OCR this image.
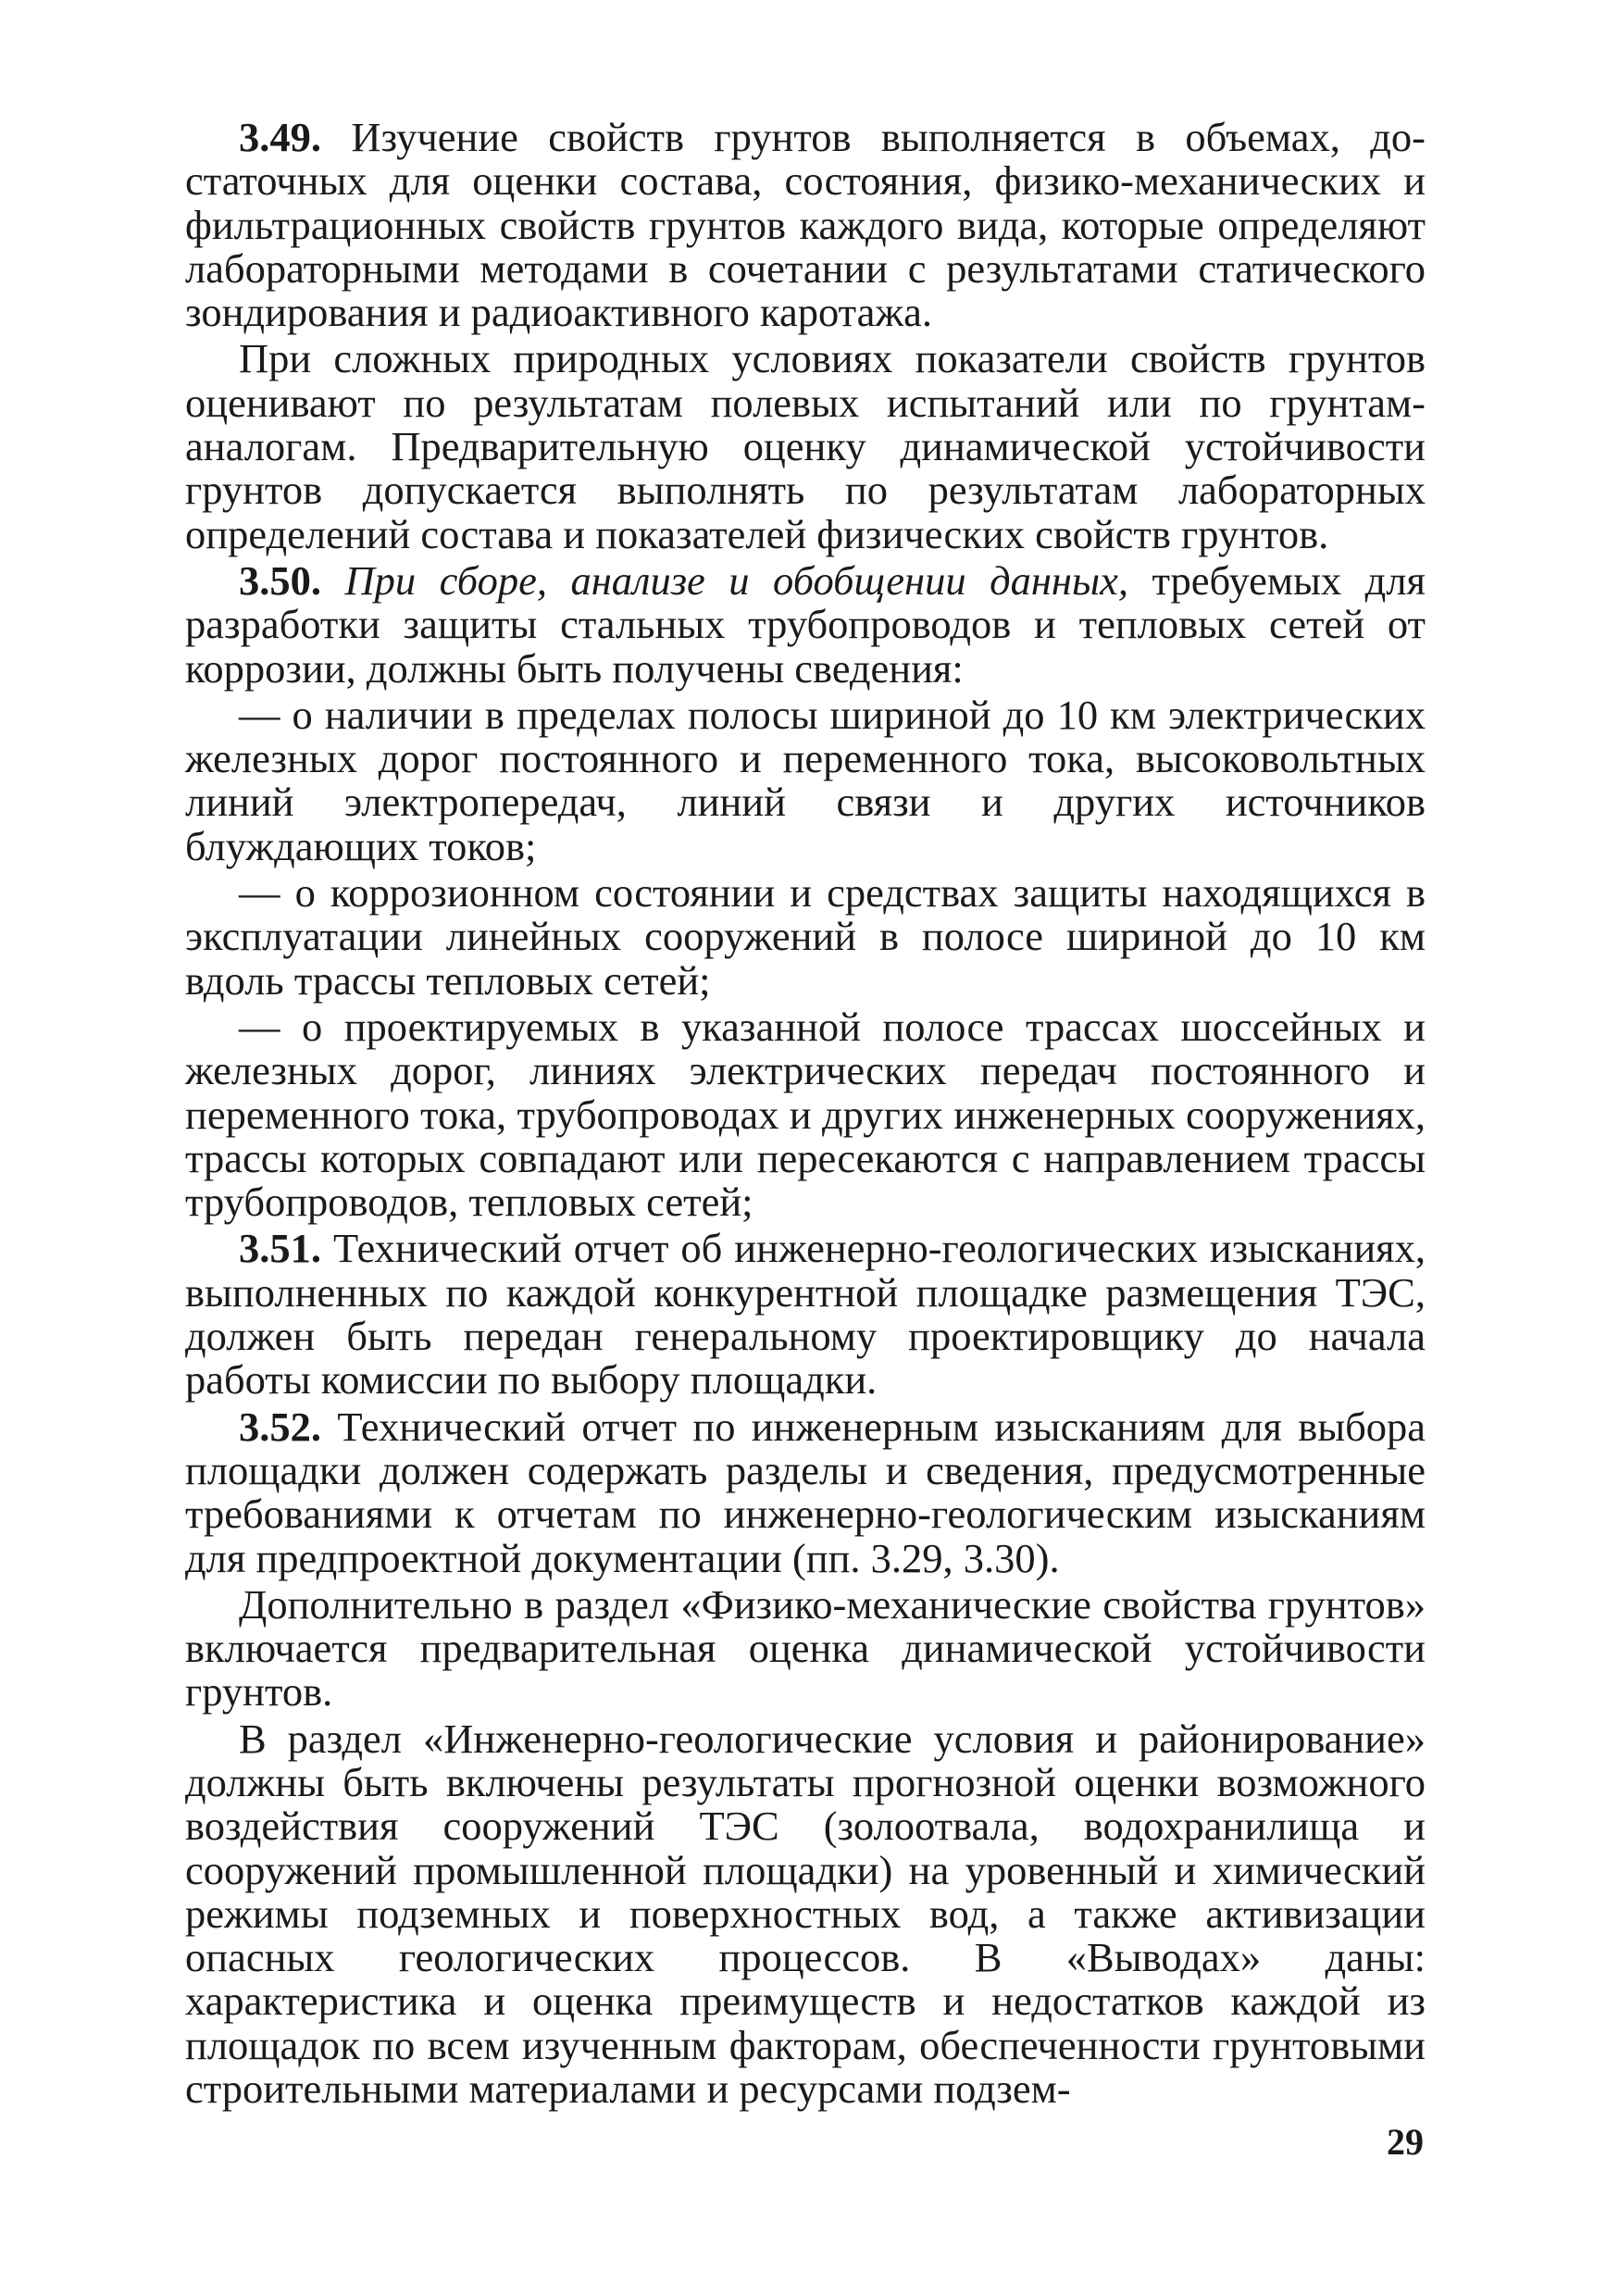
3.49. Изучение свойств грунтов выполняется в объемах, достаточных для оценки состава, состояния, физико-механических и фильтрационных свойств грунтов каждого вида, которые определяют лабораторными методами в сочетании с результатами статического зондирования и радиоактивного каротажа.

При сложных природных условиях показатели свойств грунтов оценивают по результатам полевых испытаний или по грунтам-аналогам. Предварительную оценку динамической устойчивости грунтов допускается выполнять по результатам лабораторных определений состава и показателей физических свойств грунтов.

3.50. При сборе, анализе и обобщении данных, требуемых для разработки защиты стальных трубопроводов и тепловых сетей от коррозии, должны быть получены сведения:

— о наличии в пределах полосы шириной до 10 км электрических железных дорог постоянного и переменного тока, высоковольтных линий электропередач, линий связи и других источников блуждающих токов;

— о коррозионном состоянии и средствах защиты находящихся в эксплуатации линейных сооружений в полосе шириной до 10 км вдоль трассы тепловых сетей;

— о проектируемых в указанной полосе трассах шоссейных и железных дорог, линиях электрических передач постоянного и переменного тока, трубопроводах и других инженерных сооружениях, трассы которых совпадают или пересекаются с направлением трассы трубопроводов, тепловых сетей;

3.51. Технический отчет об инженерно-геологических изысканиях, выполненных по каждой конкурентной площадке размещения ТЭС, должен быть передан генеральному проектировщику до начала работы комиссии по выбору площадки.

3.52. Технический отчет по инженерным изысканиям для выбора площадки должен содержать разделы и сведения, предусмотренные требованиями к отчетам по инженерно-геологическим изысканиям для предпроектной документации (пп. 3.29, 3.30).

Дополнительно в раздел «Физико-механические свойства грунтов» включается предварительная оценка динамической устойчивости грунтов.

В раздел «Инженерно-геологические условия и районирование» должны быть включены результаты прогнозной оценки возможного воздействия сооружений ТЭС (золоотвала, водохранилища и сооружений промышленной площадки) на уровенный и химический режимы подземных и поверхностных вод, а также активизации опасных геологических процессов. В «Выводах» даны: характеристика и оценка преимуществ и недостатков каждой из площадок по всем изученным факторам, обеспеченности грунтовыми строительными материалами и ресурсами подзем-

29
